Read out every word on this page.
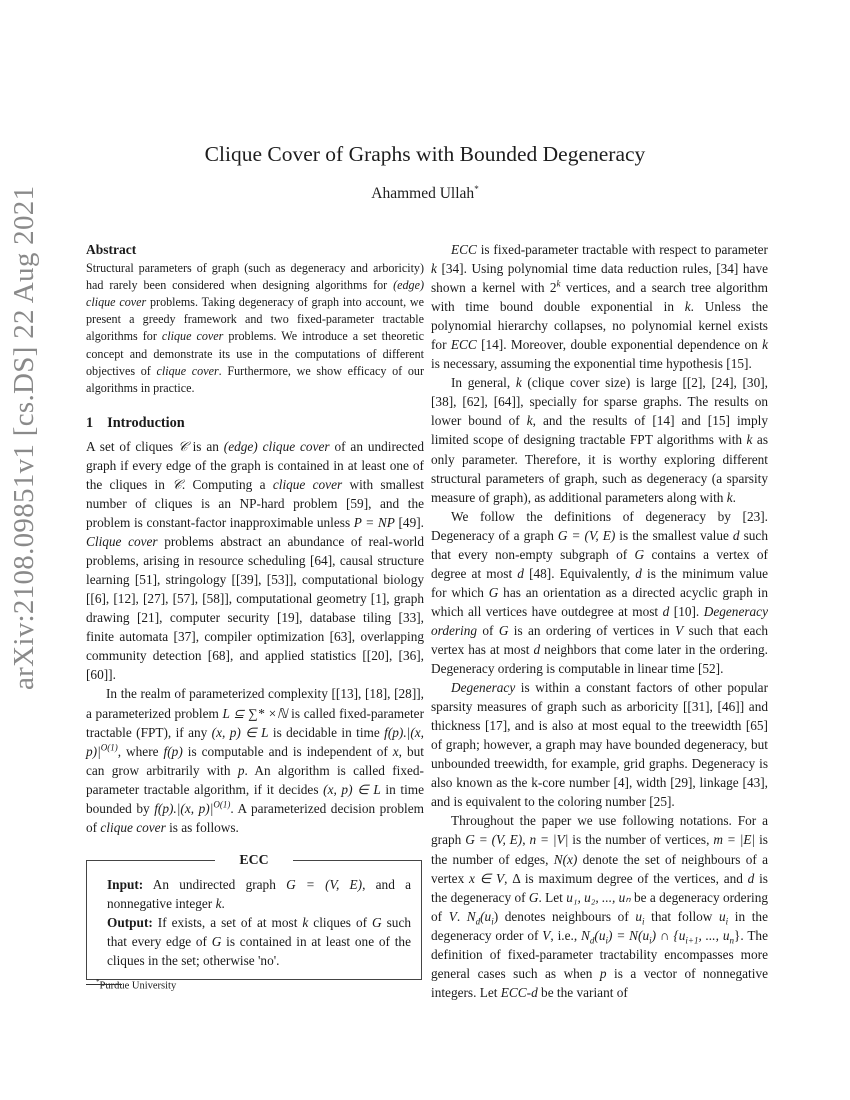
arXiv:2108.09851v1 [cs.DS] 22 Aug 2021
Clique Cover of Graphs with Bounded Degeneracy
Ahammed Ullah*
Abstract

Structural parameters of graph (such as degeneracy and arboricity) had rarely been considered when designing algorithms for (edge) clique cover problems. Taking degeneracy of graph into account, we present a greedy framework and two fixed-parameter tractable algorithms for clique cover problems. We introduce a set theoretic concept and demonstrate its use in the computations of different objectives of clique cover. Furthermore, we show efficacy of our algorithms in practice.

1 Introduction

A set of cliques 𝒞 is an (edge) clique cover of an undirected graph if every edge of the graph is contained in at least one of the cliques in 𝒞. Computing a clique cover with smallest number of cliques is an NP-hard problem [59], and the problem is constant-factor inapproximable unless P = NP [49]. Clique cover problems abstract an abundance of real-world problems, arising in resource scheduling [64], causal structure learning [51], stringology [[39], [53]], computational biology [[6], [12], [27], [57], [58]], computational geometry [1], graph drawing [21], computer security [19], database tiling [33], finite automata [37], compiler optimization [63], overlapping community detection [68], and applied statistics [[20], [36], [60]].

In the realm of parameterized complexity [[13], [18], [28]], a parameterized problem L ⊆ ∑* ×ℕ is called fixed-parameter tractable (FPT), if any (x, p) ∈ L is decidable in time f(p).|(x, $p)|^{O(1)}$, where f(p) is computable and is independent of x, but can grow arbitrarily with p. An algorithm is called fixed-parameter tractable algorithm, if it decides (x, p) ∈ L in time bounded by f(p).|(x, $p)|^{O(1)}$. A parameterized decision problem of clique cover is as follows.

ECC

Input: An undirected graph G = (V, E), and a nonnegative integer k.

Output: If exists, a set of at most k cliques of G such that every edge of G is contained in at least one of the cliques in the set; otherwise 'no'.

*Purdue University

ECC is fixed-parameter tractable with respect to parameter k [34]. Using polynomial time data reduction rules, [34] have shown a kernel with 2$^k$ vertices, and a search tree algorithm with time bound double exponential in k. Unless the polynomial hierarchy collapses, no polynomial kernel exists for ECC [14]. Moreover, double exponential dependence on k is necessary, assuming the exponential time hypothesis [15].

In general, k (clique cover size) is large [[2], [24], [30], [38], [62], [64]], specially for sparse graphs. The results on lower bound of k, and the results of [14] and [15] imply limited scope of designing tractable FPT algorithms with k as only parameter. Therefore, it is worthy exploring different structural parameters of graph, such as degeneracy (a sparsity measure of graph), as additional parameters along with k.

We follow the definitions of degeneracy by [23]. Degeneracy of a graph G = (V, E) is the smallest value d such that every non-empty subgraph of G contains a vertex of degree at most d [48]. Equivalently, d is the minimum value for which G has an orientation as a directed acyclic graph in which all vertices have outdegree at most d [10]. Degeneracy ordering of G is an ordering of vertices in V such that each vertex has at most d neighbors that come later in the ordering. Degeneracy ordering is computable in linear time [52].

Degeneracy is within a constant factors of other popular sparsity measures of graph such as arboricity [[31], [46]] and thickness [17], and is also at most equal to the treewidth [65] of graph; however, a graph may have bounded degeneracy, but unbounded treewidth, for example, grid graphs. Degeneracy is also known as the k-core number [4], width [29], linkage [43], and is equivalent to the coloring number [25].

Throughout the paper we use following notations. For a graph G = (V, E), n = |V| is the number of vertices, m = |E| is the number of edges, N(x) denote the set of neighbours of a vertex x ∈ V, Δ is maximum degree of the vertices, and d is the degeneracy of G. Let u₁, u₂, ..., uₙ be a degeneracy ordering of V. $N_d(u_i)$ denotes neighbours of $u_i$ that follow $u_i$ in the degeneracy order of V, i.e., $N_d(u_i) = N(u_i)$ ∩ {$u_{i+1}$, ..., $u_n$}. The definition of fixed-parameter tractability encompasses more general cases such as when p is a vector of nonnegative integers. Let ECC-d be the variant of
